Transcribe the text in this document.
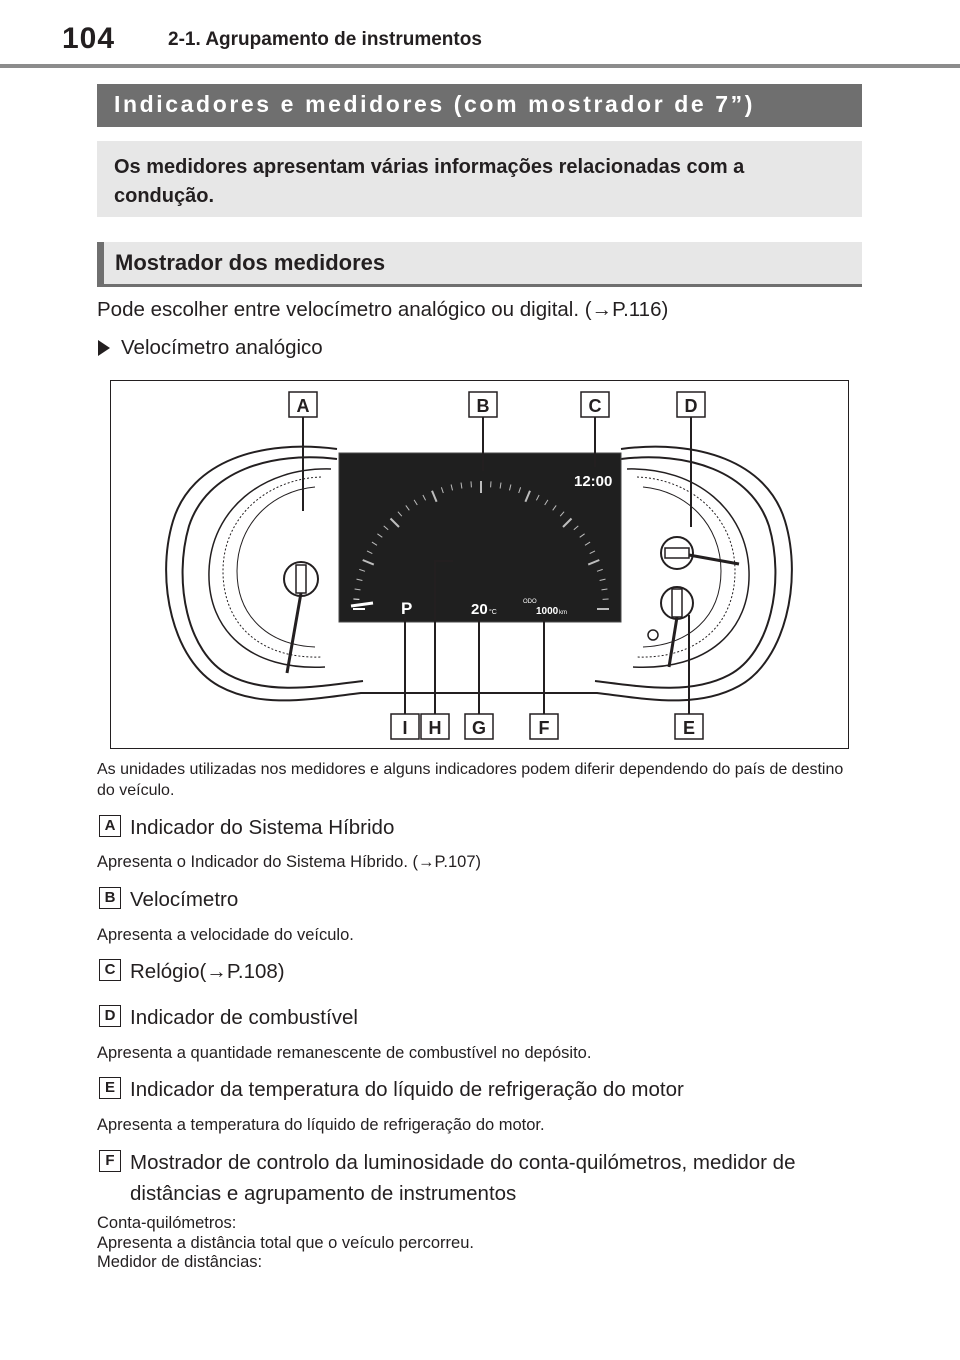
104	2-1. Agrupamento de instrumentos
Indicadores e medidores (com mostrador de 7”)
Os medidores apresentam várias informações relacionadas com a condução.
Mostrador dos medidores
Pode escolher entre velocímetro analógico ou digital. (→P.116)
Velocímetro analógico
12:00
P	20 °C
ODO
1000 km
A	B	C	D
I H G	F	E
As unidades utilizadas nos medidores e alguns indicadores podem diferir dependendo do país de destino do veículo.
A Indicador do Sistema Híbrido
Apresenta o Indicador do Sistema Híbrido. (→P.107)
B Velocímetro
Apresenta a velocidade do veículo.
C Relógio(→P.108)
D Indicador de combustível
Apresenta a quantidade remanescente de combustível no depósito.
E Indicador da temperatura do líquido de refrigeração do motor
Apresenta a temperatura do líquido de refrigeração do motor.
F Mostrador de controlo da luminosidade do conta-quilómetros, medidor de distâncias e agrupamento de instrumentos
Conta-quilómetros:
Apresenta a distância total que o veículo percorreu.
Medidor de distâncias:
